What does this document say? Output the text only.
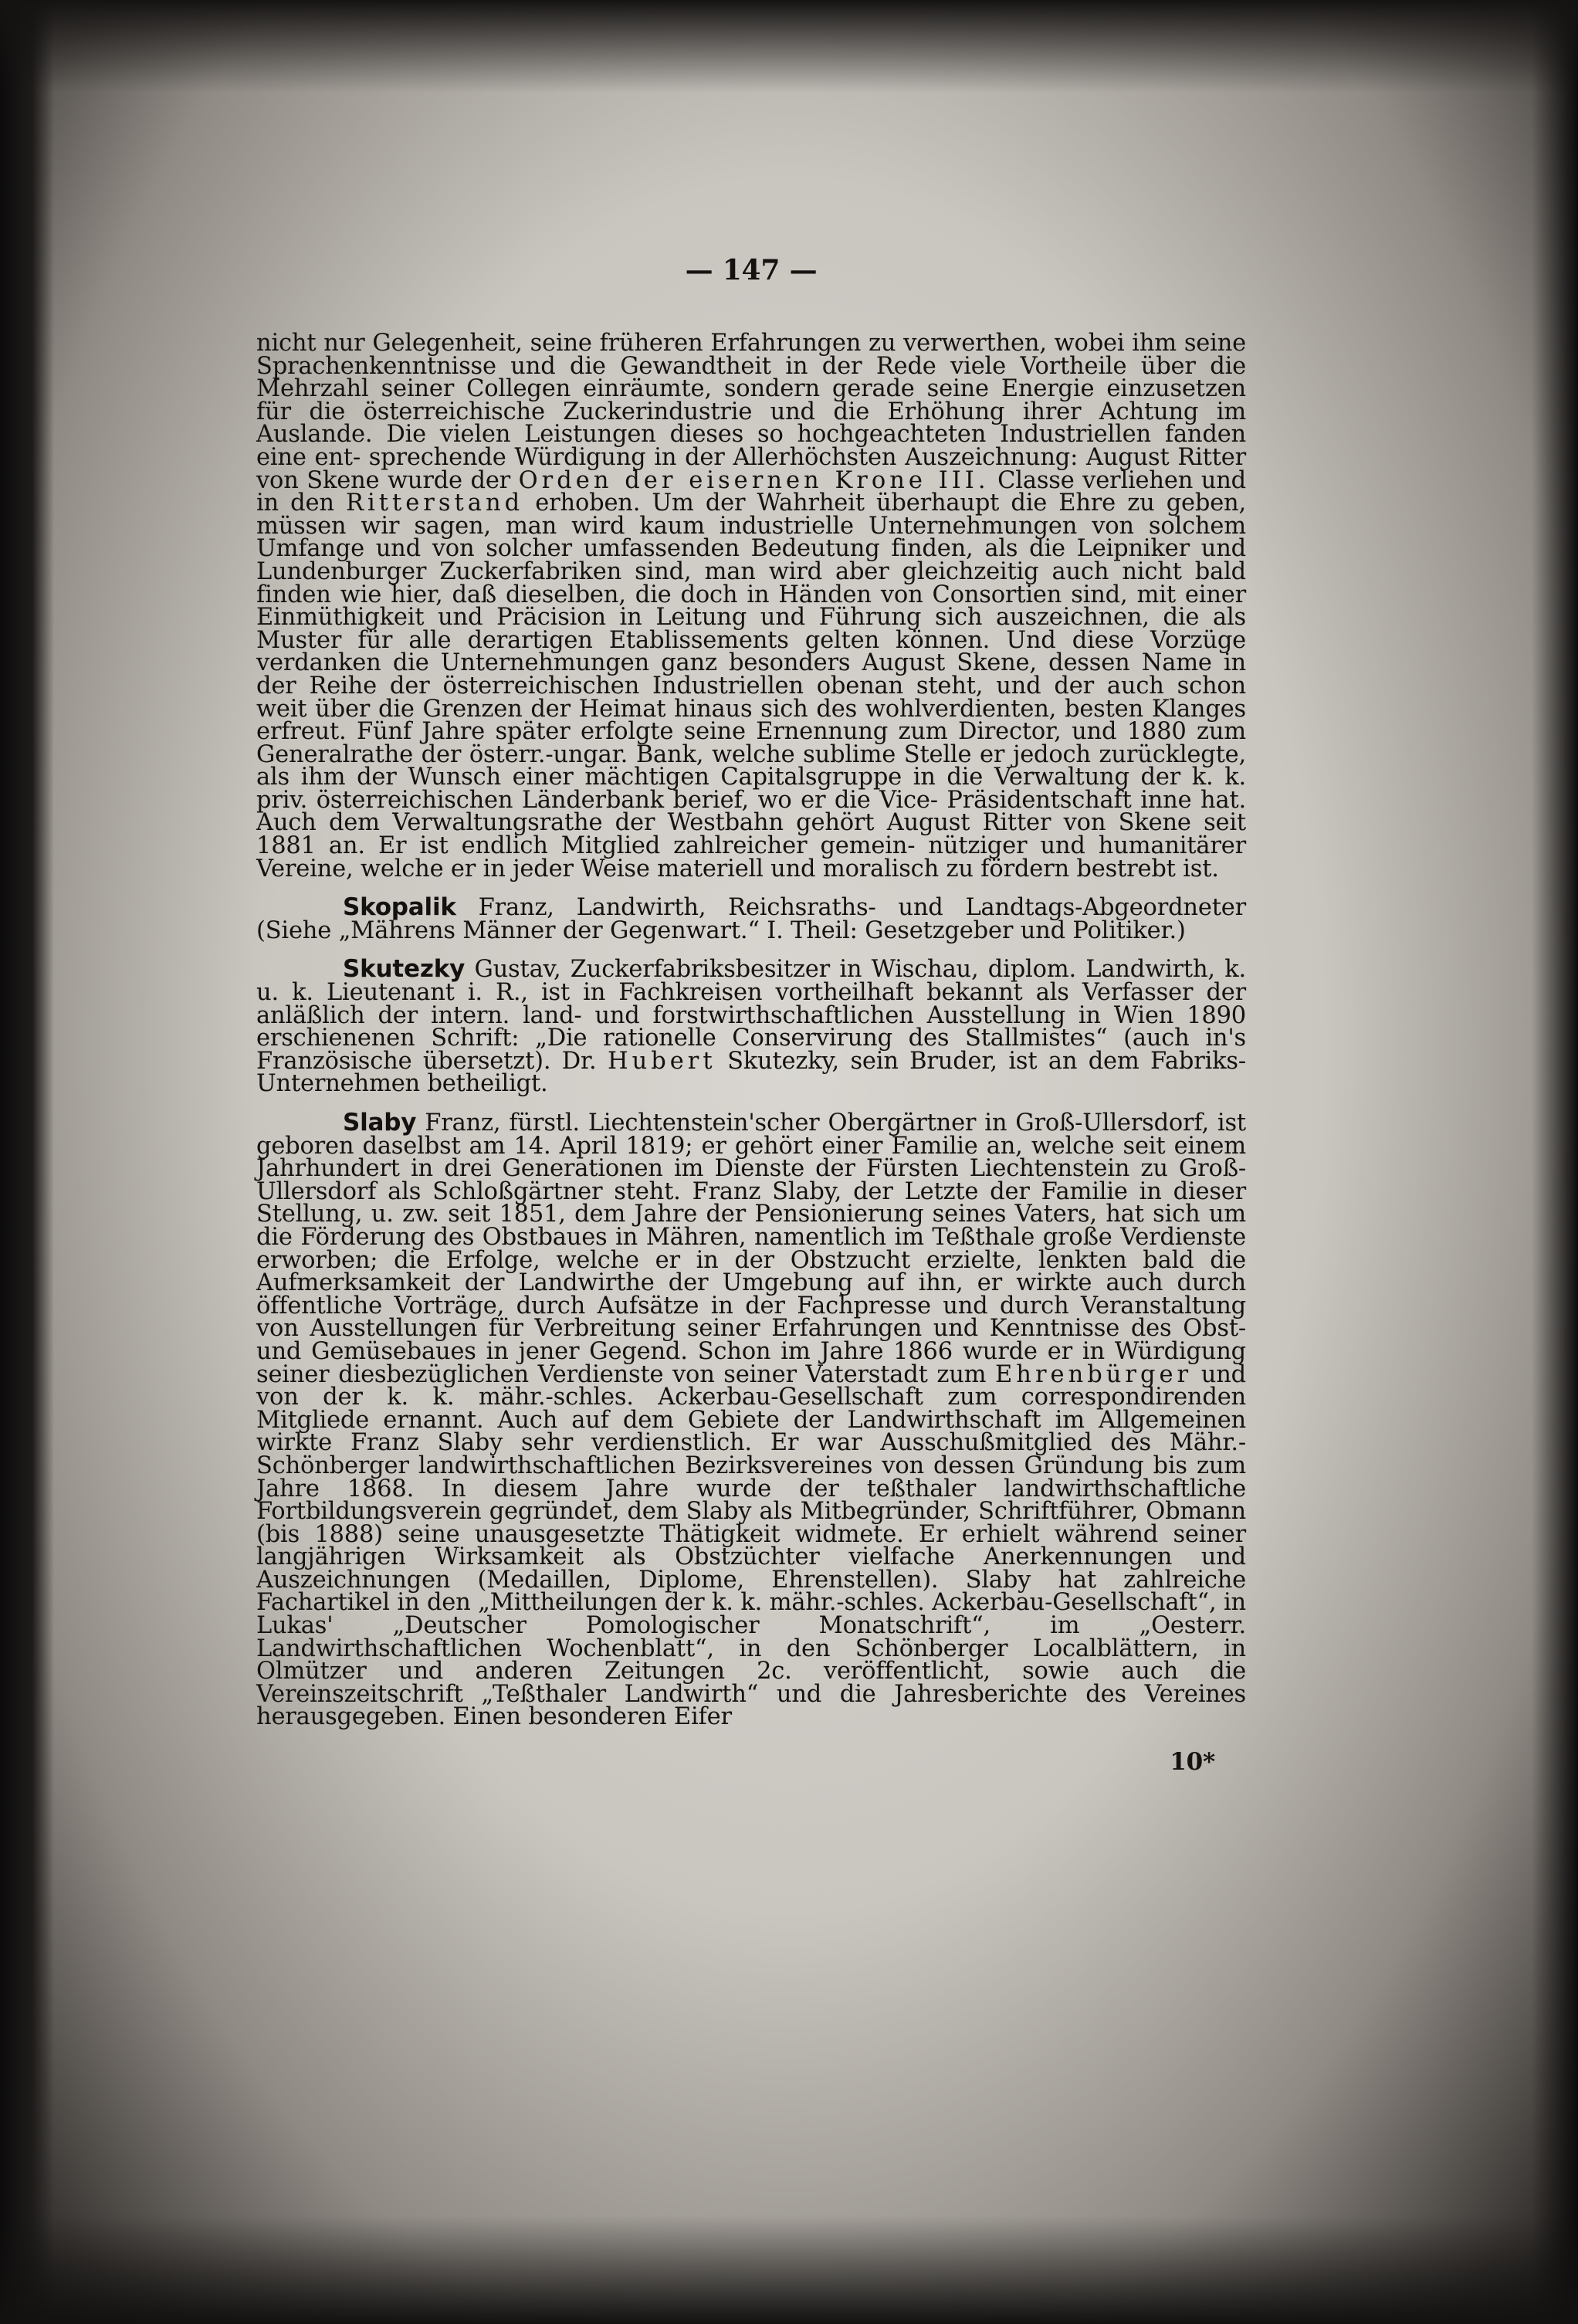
— 147 —

nicht nur Gelegenheit, seine früheren Erfahrungen zu verwerthen, wobei ihm seine Sprachenkenntnisse und die Gewandtheit in der Rede viele Vortheile über die Mehrzahl seiner Collegen einräumte, sondern gerade seine Energie einzusetzen für die österreichische Zuckerindustrie und die Erhöhung ihrer Achtung im Auslande. Die vielen Leistungen dieses so hochgeachteten Industriellen fanden eine ent- sprechende Würdigung in der Allerhöchsten Auszeichnung: August Ritter von Skene wurde der Orden der eisernen Krone III. Classe verliehen und in den Ritterstand erhoben. Um der Wahrheit überhaupt die Ehre zu geben, müssen wir sagen, man wird kaum industrielle Unternehmungen von solchem Umfange und von solcher umfassenden Bedeutung finden, als die Leipniker und Lundenburger Zuckerfabriken sind, man wird aber gleichzeitig auch nicht bald finden wie hier, daß dieselben, die doch in Händen von Consortien sind, mit einer Einmüthigkeit und Präcision in Leitung und Führung sich auszeichnen, die als Muster für alle derartigen Etablissements gelten können. Und diese Vorzüge verdanken die Unternehmungen ganz besonders August Skene, dessen Name in der Reihe der österreichischen Industriellen obenan steht, und der auch schon weit über die Grenzen der Heimat hinaus sich des wohlverdienten, besten Klanges erfreut. Fünf Jahre später erfolgte seine Ernennung zum Director, und 1880 zum Generalrathe der österr.-ungar. Bank, welche sublime Stelle er jedoch zurücklegte, als ihm der Wunsch einer mächtigen Capitalsgruppe in die Verwaltung der k. k. priv. österreichischen Länderbank berief, wo er die Vice- Präsidentschaft inne hat. Auch dem Verwaltungsrathe der Westbahn gehört August Ritter von Skene seit 1881 an. Er ist endlich Mitglied zahlreicher gemein- nütziger und humanitärer Vereine, welche er in jeder Weise materiell und moralisch zu fördern bestrebt ist.

Skopalik Franz, Landwirth, Reichsraths- und Landtags-Abgeordneter (Siehe „Mährens Männer der Gegenwart.“ I. Theil: Gesetzgeber und Politiker.)

Skutezky Gustav, Zuckerfabriksbesitzer in Wischau, diplom. Landwirth, k. u. k. Lieutenant i. R., ist in Fachkreisen vortheilhaft bekannt als Verfasser der anläßlich der intern. land- und forstwirthschaftlichen Ausstellung in Wien 1890 erschienenen Schrift: „Die rationelle Conservirung des Stallmistes“ (auch in's Französische übersetzt). Dr. Hubert Skutezky, sein Bruder, ist an dem Fabriks-Unternehmen betheiligt.

Slaby Franz, fürstl. Liechtenstein'scher Obergärtner in Groß-Ullersdorf, ist geboren daselbst am 14. April 1819; er gehört einer Familie an, welche seit einem Jahrhundert in drei Generationen im Dienste der Fürsten Liechtenstein zu Groß-Ullersdorf als Schloßgärtner steht. Franz Slaby, der Letzte der Familie in dieser Stellung, u. zw. seit 1851, dem Jahre der Pensionierung seines Vaters, hat sich um die Förderung des Obstbaues in Mähren, namentlich im Teßthale große Verdienste erworben; die Erfolge, welche er in der Obstzucht erzielte, lenkten bald die Aufmerksamkeit der Landwirthe der Umgebung auf ihn, er wirkte auch durch öffentliche Vorträge, durch Aufsätze in der Fachpresse und durch Veranstaltung von Ausstellungen für Verbreitung seiner Erfahrungen und Kenntnisse des Obst- und Gemüsebaues in jener Gegend. Schon im Jahre 1866 wurde er in Würdigung seiner diesbezüglichen Verdienste von seiner Vaterstadt zum Ehrenbürger und von der k. k. mähr.-schles. Ackerbau-Gesellschaft zum correspondirenden Mitgliede ernannt. Auch auf dem Gebiete der Landwirthschaft im Allgemeinen wirkte Franz Slaby sehr verdienstlich. Er war Ausschußmitglied des Mähr.-Schönberger landwirthschaftlichen Bezirksvereines von dessen Gründung bis zum Jahre 1868. In diesem Jahre wurde der teßthaler landwirthschaftliche Fortbildungsverein gegründet, dem Slaby als Mitbegründer, Schriftführer, Obmann (bis 1888) seine unausgesetzte Thätigkeit widmete. Er erhielt während seiner langjährigen Wirksamkeit als Obstzüchter vielfache Anerkennungen und Auszeichnungen (Medaillen, Diplome, Ehrenstellen). Slaby hat zahlreiche Fachartikel in den „Mittheilungen der k. k. mähr.-schles. Ackerbau-Gesellschaft“, in Lukas' „Deutscher Pomologischer Monatschrift“, im „Oesterr. Landwirthschaftlichen Wochenblatt“, in den Schönberger Localblättern, in Olmützer und anderen Zeitungen 2c. veröffentlicht, sowie auch die Vereinszeitschrift „Teßthaler Landwirth“ und die Jahresberichte des Vereines herausgegeben. Einen besonderen Eifer

10*
